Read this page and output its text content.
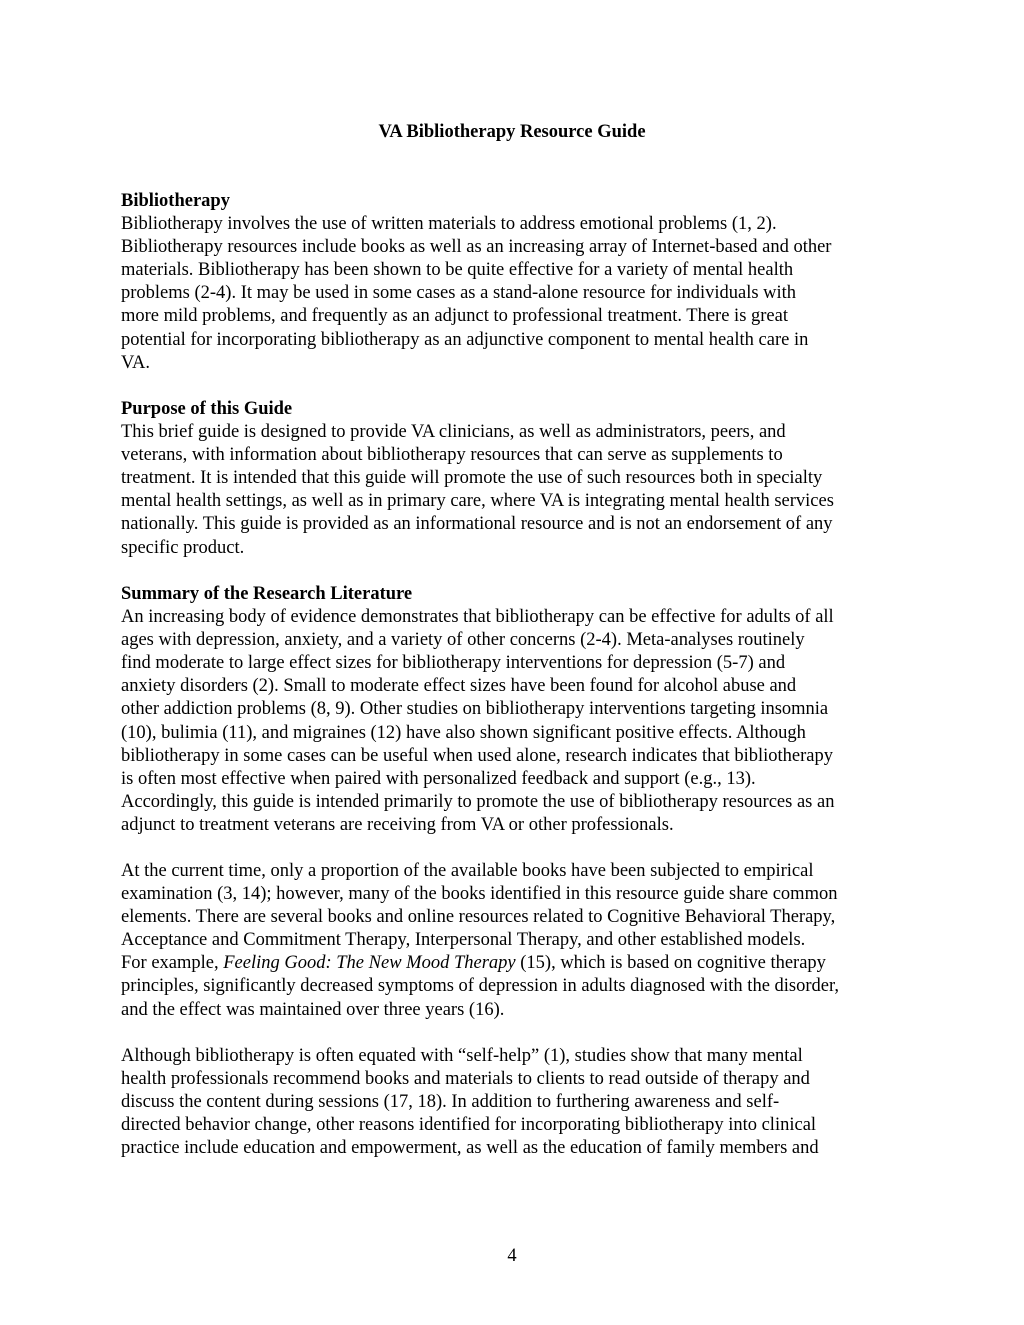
VA Bibliotherapy Resource Guide
Bibliotherapy

Bibliotherapy involves the use of written materials to address emotional problems (1, 2).
Bibliotherapy resources include books as well as an increasing array of Internet-based and other
materials. Bibliotherapy has been shown to be quite effective for a variety of mental health
problems (2-4). It may be used in some cases as a stand-alone resource for individuals with
more mild problems, and frequently as an adjunct to professional treatment. There is great
potential for incorporating bibliotherapy as an adjunctive component to mental health care in
VA.

Purpose of this Guide

This brief guide is designed to provide VA clinicians, as well as administrators, peers, and
veterans, with information about bibliotherapy resources that can serve as supplements to
treatment. It is intended that this guide will promote the use of such resources both in specialty
mental health settings, as well as in primary care, where VA is integrating mental health services
nationally. This guide is provided as an informational resource and is not an endorsement of any
specific product.

Summary of the Research Literature

An increasing body of evidence demonstrates that bibliotherapy can be effective for adults of all
ages with depression, anxiety, and a variety of other concerns (2-4). Meta-analyses routinely
find moderate to large effect sizes for bibliotherapy interventions for depression (5-7) and
anxiety disorders (2). Small to moderate effect sizes have been found for alcohol abuse and
other addiction problems (8, 9). Other studies on bibliotherapy interventions targeting insomnia
(10), bulimia (11), and migraines (12) have also shown significant positive effects. Although
bibliotherapy in some cases can be useful when used alone, research indicates that bibliotherapy
is often most effective when paired with personalized feedback and support (e.g., 13).
Accordingly, this guide is intended primarily to promote the use of bibliotherapy resources as an
adjunct to treatment veterans are receiving from VA or other professionals.

At the current time, only a proportion of the available books have been subjected to empirical
examination (3, 14); however, many of the books identified in this resource guide share common
elements. There are several books and online resources related to Cognitive Behavioral Therapy,
Acceptance and Commitment Therapy, Interpersonal Therapy, and other established models.
For example, Feeling Good: The New Mood Therapy (15), which is based on cognitive therapy
principles, significantly decreased symptoms of depression in adults diagnosed with the disorder,
and the effect was maintained over three years (16).

Although bibliotherapy is often equated with “self-help” (1), studies show that many mental
health professionals recommend books and materials to clients to read outside of therapy and
discuss the content during sessions (17, 18). In addition to furthering awareness and self-
directed behavior change, other reasons identified for incorporating bibliotherapy into clinical
practice include education and empowerment, as well as the education of family members and

4
